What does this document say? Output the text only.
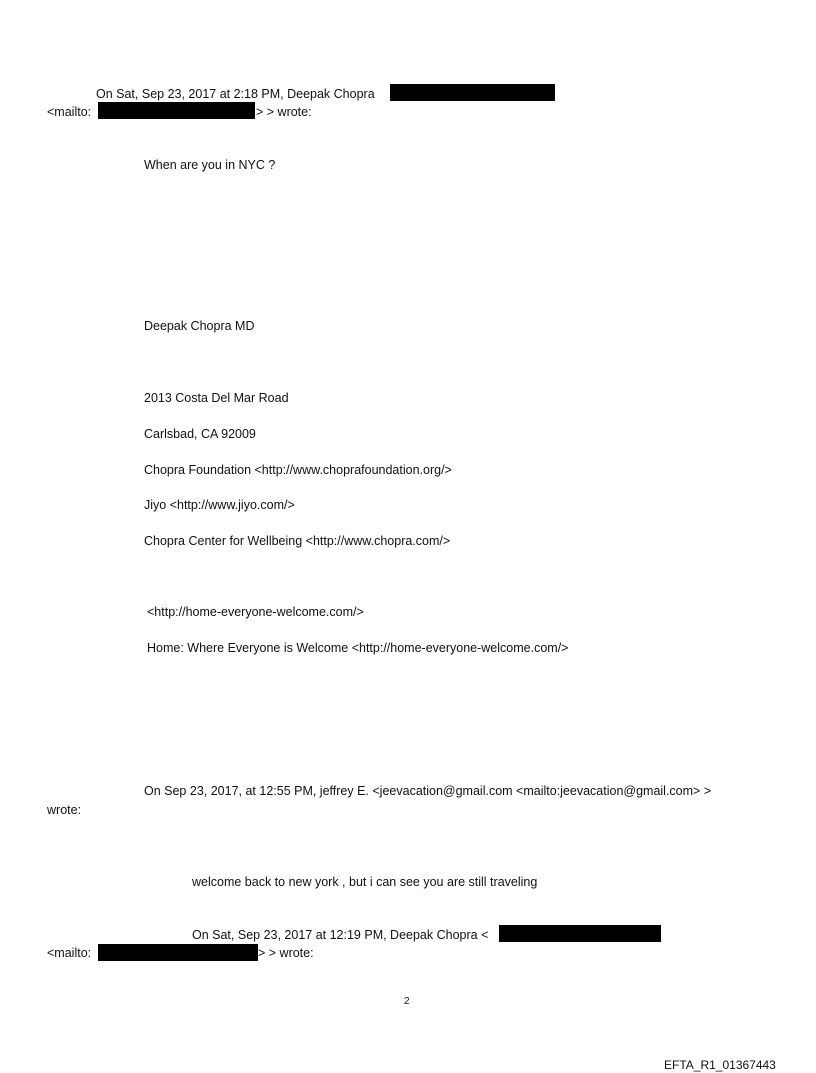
On Sat, Sep 23, 2017 at 2:18 PM, Deepak Chopra
<mailto:	> > wrote:
When are you in NYC ?
Deepak Chopra MD
2013 Costa Del Mar Road
Carlsbad, CA 92009
Chopra Foundation <http://www.choprafoundation.org/>
Jiyo <http://www.jiyo.com/>
Chopra Center for Wellbeing <http://www.chopra.com/>
<http://home-everyone-welcome.com/>
Home: Where Everyone is Welcome <http://home-everyone-welcome.com/>
On Sep 23, 2017, at 12:55 PM, jeffrey E. <jeevacation@gmail.com <mailto:jeevacation@gmail.com> >
wrote:
welcome back to new york , but i can see you are still traveling
On Sat, Sep 23, 2017 at 12:19 PM, Deepak Chopra <
<mailto:	> > wrote:
2
EFTA_R1_01367443
